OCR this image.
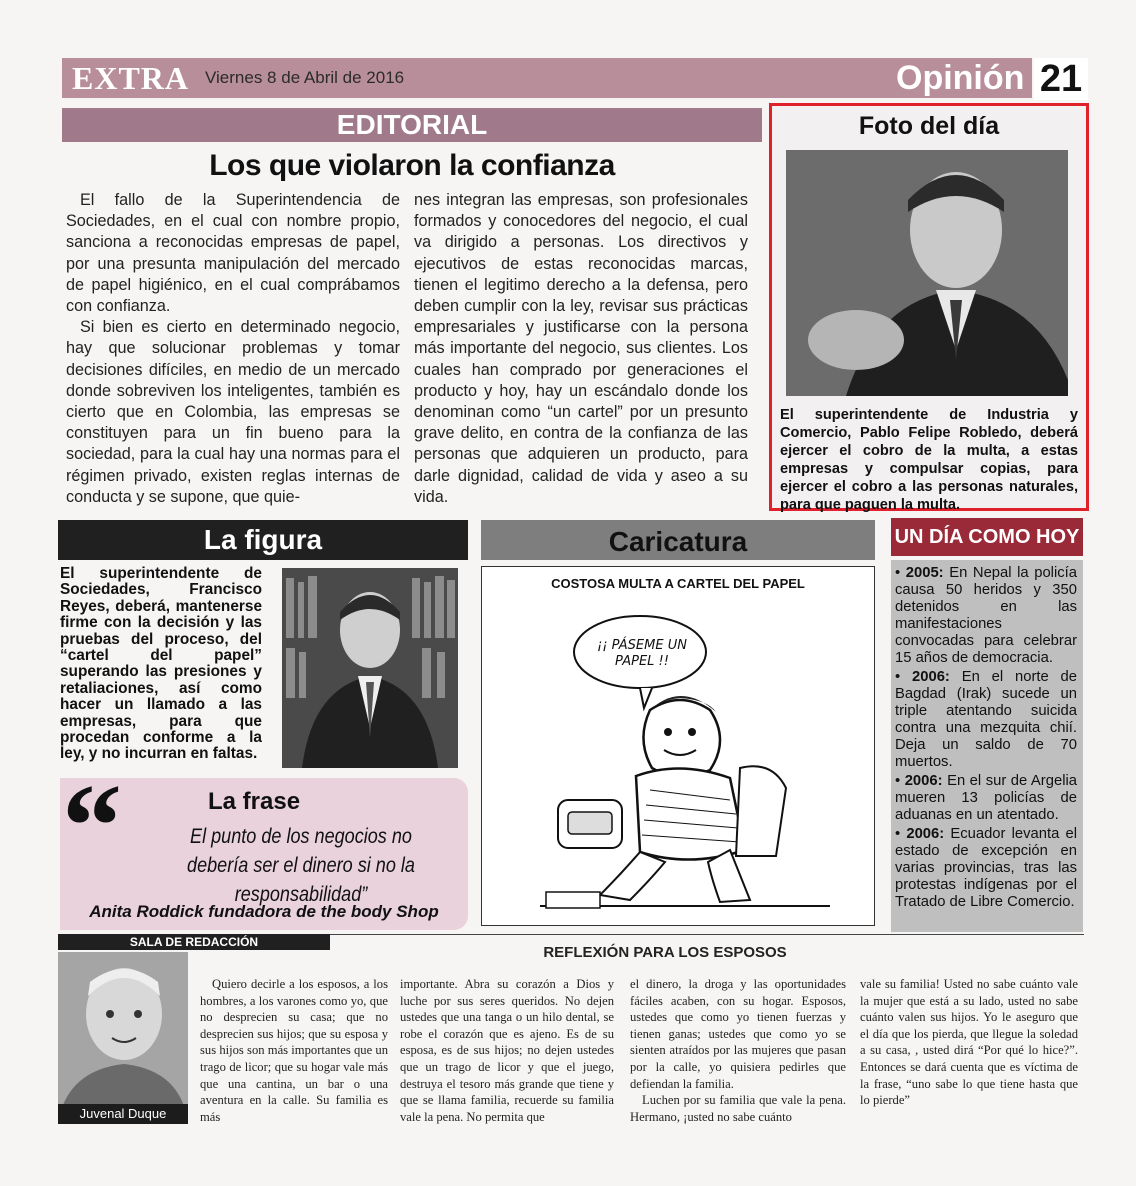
EXTRA Viernes 8 de Abril de 2016	Opinión 21
EDITORIAL
Los que violaron la confianza

El fallo de la Superintendencia de Sociedades, en el cual con nombre propio, sanciona a reconocidas empresas de papel, por una presunta manipulación del mercado de papel higiénico, en el cual comprábamos con confianza.

Si bien es cierto en determinado negocio, hay que solucionar problemas y tomar decisiones difíciles, en medio de un mercado donde sobreviven los inteligentes, también es cierto que en Colombia, las empresas se constituyen para un fin bueno para la sociedad, para la cual hay una normas para el régimen privado, existen reglas internas de conducta y se supone, que quie-

nes integran las empresas, son profesionales formados y conocedores del negocio, el cual va dirigido a personas. Los directivos y ejecutivos de estas reconocidas marcas, tienen el legitimo derecho a la defensa, pero deben cumplir con la ley, revisar sus prácticas empresariales y justificarse con la persona más importante del negocio, sus clientes. Los cuales han comprado por generaciones el producto y hoy, hay un escándalo donde los denominan como “un cartel” por un presunto grave delito, en contra de la confianza de las personas que adquieren un producto, para darle dignidad, calidad de vida y aseo a su vida.

Foto del día
El superintendente de Industria y Comercio, Pablo Felipe Robledo, deberá ejercer el cobro de la multa, a estas empresas y compulsar copias, para ejercer el cobro a las personas naturales, para que paguen la multa.
La figura
El superintendente de Sociedades, Francisco Reyes, deberá, mantenerse firme con la decisión y las pruebas del proceso, del “cartel del papel” superando las presiones y retaliaciones, así como hacer un llamado a las empresas, para que procedan conforme a la ley, y no incurran en faltas.
“	La frase
El punto de los negocios no debería ser el dinero si no la responsabilidad”
Anita Roddick fundadora de the body Shop
Caricatura
COSTOSA MULTA A CARTEL DEL PAPEL
¡¡ PÁSEME UN PAPEL !!
UN DÍA COMO HOY
• 2005: En Nepal la policía causa 50 heridos y 350 detenidos en las manifestaciones convocadas para celebrar 15 años de democracia.
• 2006: En el norte de Bagdad (Irak) sucede un triple atentando suicida contra una mezquita chií. Deja un saldo de 70 muertos.
• 2006: En el sur de Argelia mueren 13 policías de aduanas en un atentado.
• 2006: Ecuador levanta el estado de excepción en varias provincias, tras las protestas indígenas por el Tratado de Libre Comercio.
SALA DE REDACCIÓN
REFLEXIÓN PARA LOS ESPOSOS
Juvenal Duque

Quiero decirle a los esposos, a los hombres, a los varones como yo, que no desprecien su casa; que no desprecien sus hijos; que su esposa y sus hijos son más importantes que un trago de licor; que su hogar vale más que una cantina, un bar o una aventura en la calle. Su familia es más

importante. Abra su corazón a Dios y luche por sus seres queridos. No dejen ustedes que una tanga o un hilo dental, se robe el corazón que es ajeno. Es de su esposa, es de sus hijos; no dejen ustedes que un trago de licor y que el juego, destruya el tesoro más grande que tiene y que se llama familia, recuerde su familia vale la pena. No permita que

el dinero, la droga y las oportunidades fáciles acaben, con su hogar. Esposos, ustedes que como yo tienen fuerzas y tienen ganas; ustedes que como yo se sienten atraídos por las mujeres que pasan por la calle, yo quisiera pedirles que defiendan la familia.

Luchen por su familia que vale la pena. Hermano, ¡usted no sabe cuánto

vale su familia! Usted no sabe cuánto vale la mujer que está a su lado, usted no sabe cuánto valen sus hijos. Yo le aseguro que el día que los pierda, que llegue la soledad a su casa, , usted dirá “Por qué lo hice?”. Entonces se dará cuenta que es víctima de la frase, “uno sabe lo que tiene hasta que lo pierde”
